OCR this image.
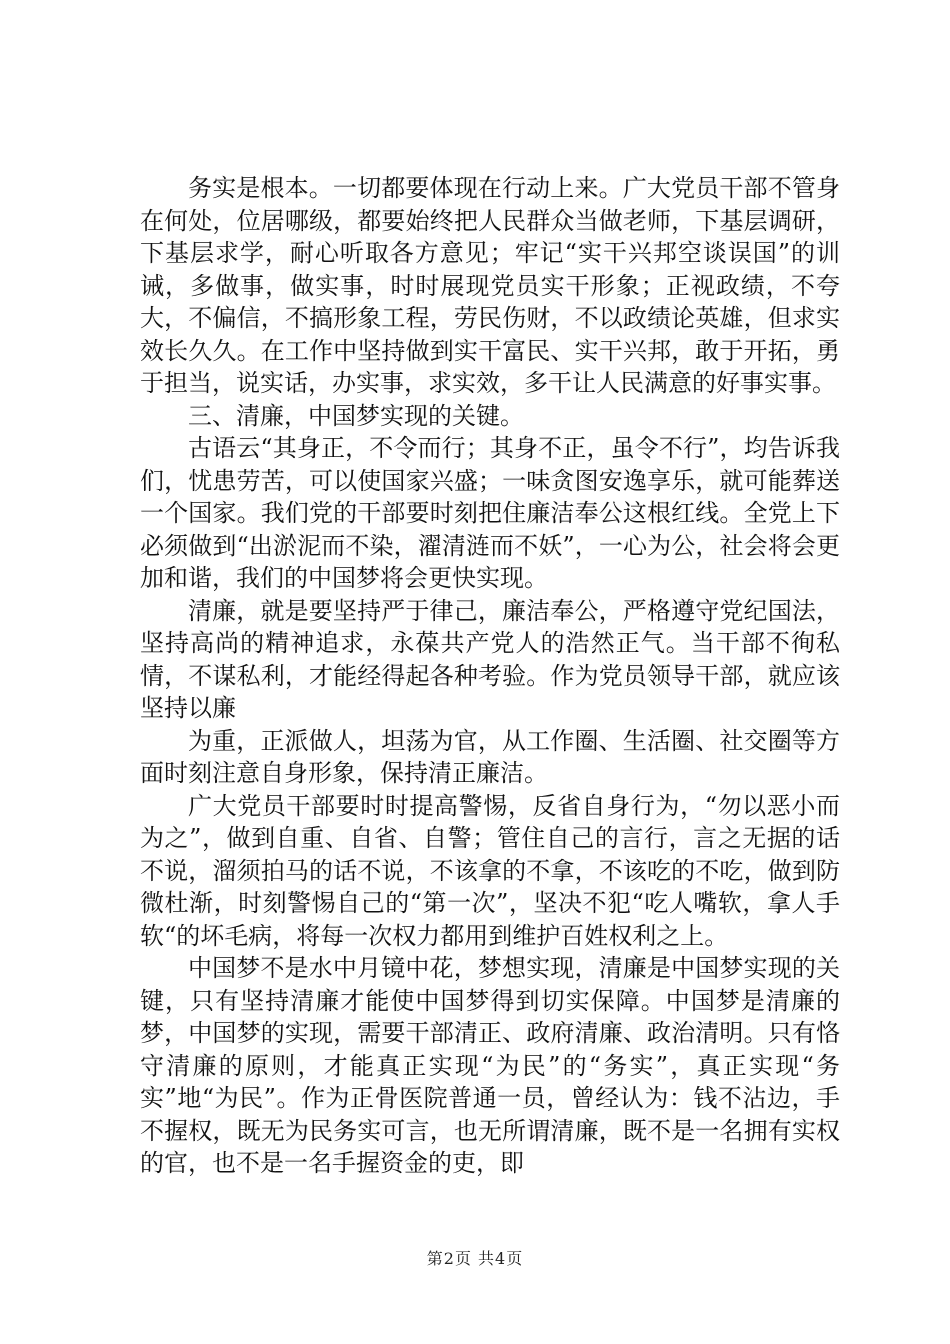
务实是根本。一切都要体现在行动上来。广大党员干部不管身在何处，位居哪级，都要始终把人民群众当做老师，下基层调研，下基层求学，耐心听取各方意见；牢记“实干兴邦空谈误国”的训诫，多做事，做实事，时时展现党员实干形象；正视政绩，不夸大，不偏信，不搞形象工程，劳民伤财，不以政绩论英雄，但求实效长久久。在工作中坚持做到实干富民、实干兴邦，敢于开拓，勇于担当，说实话，办实事，求实效，多干让人民满意的好事实事。

三、清廉，中国梦实现的关键。

古语云“其身正，不令而行；其身不正，虽令不行”，均告诉我们，忧患劳苦，可以使国家兴盛；一味贪图安逸享乐，就可能葬送一个国家。我们党的干部要时刻把住廉洁奉公这根红线。全党上下必须做到“出淤泥而不染，濯清涟而不妖”，一心为公，社会将会更加和谐，我们的中国梦将会更快实现。

清廉，就是要坚持严于律己，廉洁奉公，严格遵守党纪国法，坚持高尚的精神追求，永葆共产党人的浩然正气。当干部不徇私情，不谋私利，才能经得起各种考验。作为党员领导干部，就应该坚持以廉

为重，正派做人，坦荡为官，从工作圈、生活圈、社交圈等方面时刻注意自身形象，保持清正廉洁。

广大党员干部要时时提高警惕，反省自身行为，“勿以恶小而为之”，做到自重、自省、自警；管住自己的言行，言之无据的话不说，溜须拍马的话不说，不该拿的不拿，不该吃的不吃，做到防微杜渐，时刻警惕自己的“第一次”，坚决不犯“吃人嘴软，拿人手软“的坏毛病，将每一次权力都用到维护百姓权利之上。

中国梦不是水中月镜中花，梦想实现，清廉是中国梦实现的关键，只有坚持清廉才能使中国梦得到切实保障。中国梦是清廉的梦，中国梦的实现，需要干部清正、政府清廉、政治清明。只有恪守清廉的原则，才能真正实现“为民”的“务实”，真正实现“务实”地“为民”。作为正骨医院普通一员，曾经认为：钱不沾边，手不握权，既无为民务实可言，也无所谓清廉，既不是一名拥有实权的官，也不是一名手握资金的吏，即

第2页 共4页
